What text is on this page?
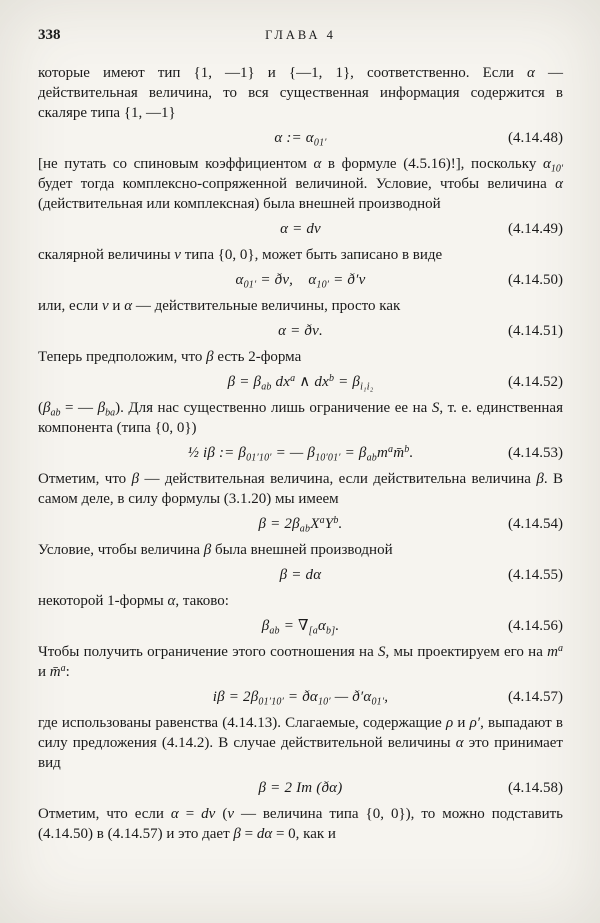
338	ГЛАВА 4

которые имеют тип {1, —1} и {—1, 1}, соответственно. Если α — действительная величина, то вся существенная информация содержится в скаляре типа {1, —1}

α := $\alpha_{01'}$	(4.14.48)

[не путать со спиновым коэффициентом α в формуле (4.5.16)!], поскольку $\alpha_{10'}$ будет тогда комплексно-сопряженной величиной. Условие, чтобы величина α (действительная или комплексная) была внешней производной

α = dν	(4.14.49)

скалярной величины ν типа {0, 0}, может быть записано в виде

$\alpha_{01'}$ = ðν, $\alpha_{10'}$ = ð′ν	(4.14.50)

или, если ν и α — действительные величины, просто как

α = ðν.	(4.14.51)

Теперь предположим, что β есть 2-форма

$\beta = \beta_{ab}$ $dx^a$ ∧ $dx^b = \beta_{i_1i_2}$	(4.14.52)

($\beta_{ab}$ = — $\beta_{ba}$). Для нас существенно лишь ограничение ее на S, т. е. единственная компонента (типа {0, 0})

½ iβ := $\beta_{01'10'}$ = — $\beta_{10'01'}$ = $\beta_{ab}m^am̄^b$.	(4.14.53)

Отметим, что β — действительная величина, если действительна величина β. В самом деле, в силу формулы (3.1.20) мы имеем

$\beta = 2\beta_{ab}X^aY^b$.	(4.14.54)

Условие, чтобы величина β была внешней производной

β = dα	(4.14.55)

некоторой 1-формы α, таково:

$\beta_{ab} = \nabla_{[a}\alpha_{b]}$.	(4.14.56)

Чтобы получить ограничение этого соотношения на S, мы проектируем его на $m^a$ и m̄$^a$:

$i\beta = 2\beta_{01'10'}$ = $ð\alpha_{10'}$ — $ð'\alpha_{01'}$,	(4.14.57)

где использованы равенства (4.14.13). Слагаемые, содержащие ρ и ρ′, выпадают в силу предложения (4.14.2). В случае действительной величины α это принимает вид

β = 2 Im (ðα)	(4.14.58)

Отметим, что если α = dν (ν — величина типа {0, 0}), то можно подставить (4.14.50) в (4.14.57) и это дает β = dα = 0, как и
